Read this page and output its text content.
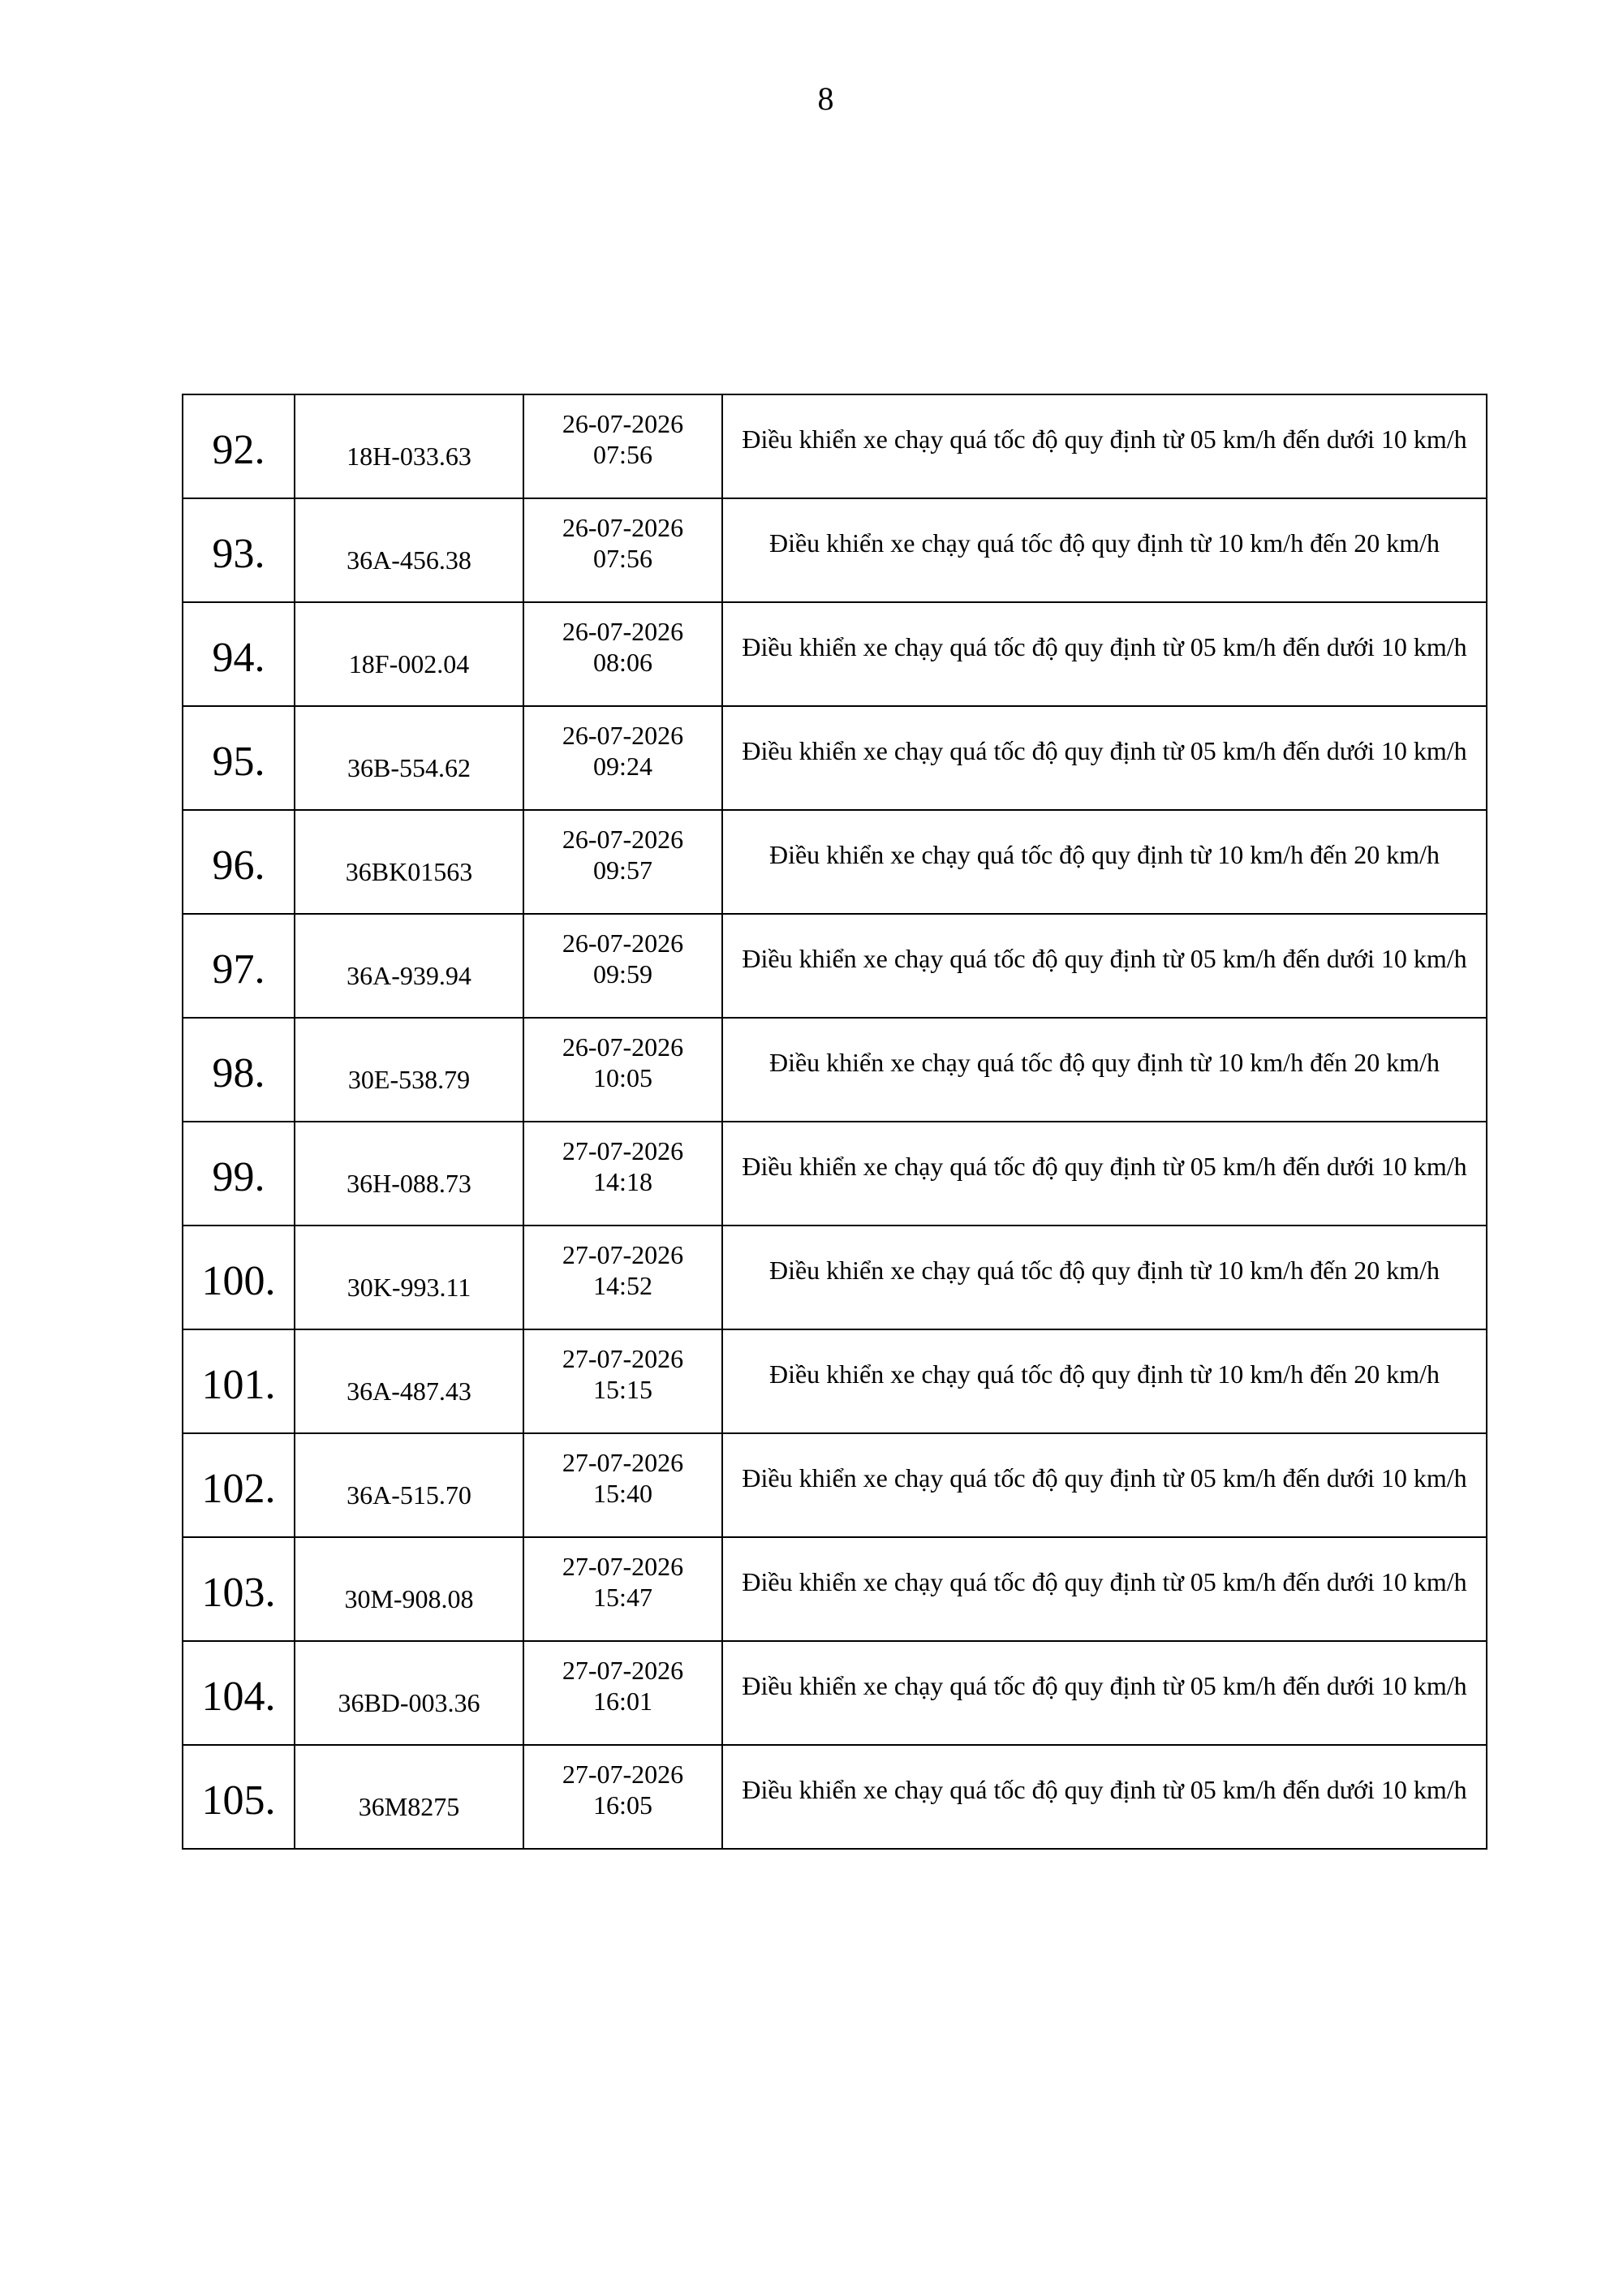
8
92.	18H-033.63	26-07-2026
07:56	Điều khiển xe chạy quá tốc độ quy định từ 05 km/h đến dưới 10 km/h

93.	36A-456.38	26-07-2026
07:56	Điều khiển xe chạy quá tốc độ quy định từ 10 km/h đến 20 km/h

94.	18F-002.04	26-07-2026
08:06	Điều khiển xe chạy quá tốc độ quy định từ 05 km/h đến dưới 10 km/h

95.	36B-554.62	26-07-2026
09:24	Điều khiển xe chạy quá tốc độ quy định từ 05 km/h đến dưới 10 km/h

96.	36BK01563	26-07-2026
09:57	Điều khiển xe chạy quá tốc độ quy định từ 10 km/h đến 20 km/h

97.	36A-939.94	26-07-2026
09:59	Điều khiển xe chạy quá tốc độ quy định từ 05 km/h đến dưới 10 km/h

98.	30E-538.79	26-07-2026
10:05	Điều khiển xe chạy quá tốc độ quy định từ 10 km/h đến 20 km/h

99.	36H-088.73	27-07-2026
14:18	Điều khiển xe chạy quá tốc độ quy định từ 05 km/h đến dưới 10 km/h

100.	30K-993.11	27-07-2026
14:52	Điều khiển xe chạy quá tốc độ quy định từ 10 km/h đến 20 km/h

101.	36A-487.43	27-07-2026
15:15	Điều khiển xe chạy quá tốc độ quy định từ 10 km/h đến 20 km/h

102.	36A-515.70	27-07-2026
15:40	Điều khiển xe chạy quá tốc độ quy định từ 05 km/h đến dưới 10 km/h

103.	30M-908.08	27-07-2026
15:47	Điều khiển xe chạy quá tốc độ quy định từ 05 km/h đến dưới 10 km/h

104.	36BD-003.36	27-07-2026
16:01	Điều khiển xe chạy quá tốc độ quy định từ 05 km/h đến dưới 10 km/h

105.	36M8275	27-07-2026
16:05	Điều khiển xe chạy quá tốc độ quy định từ 05 km/h đến dưới 10 km/h
